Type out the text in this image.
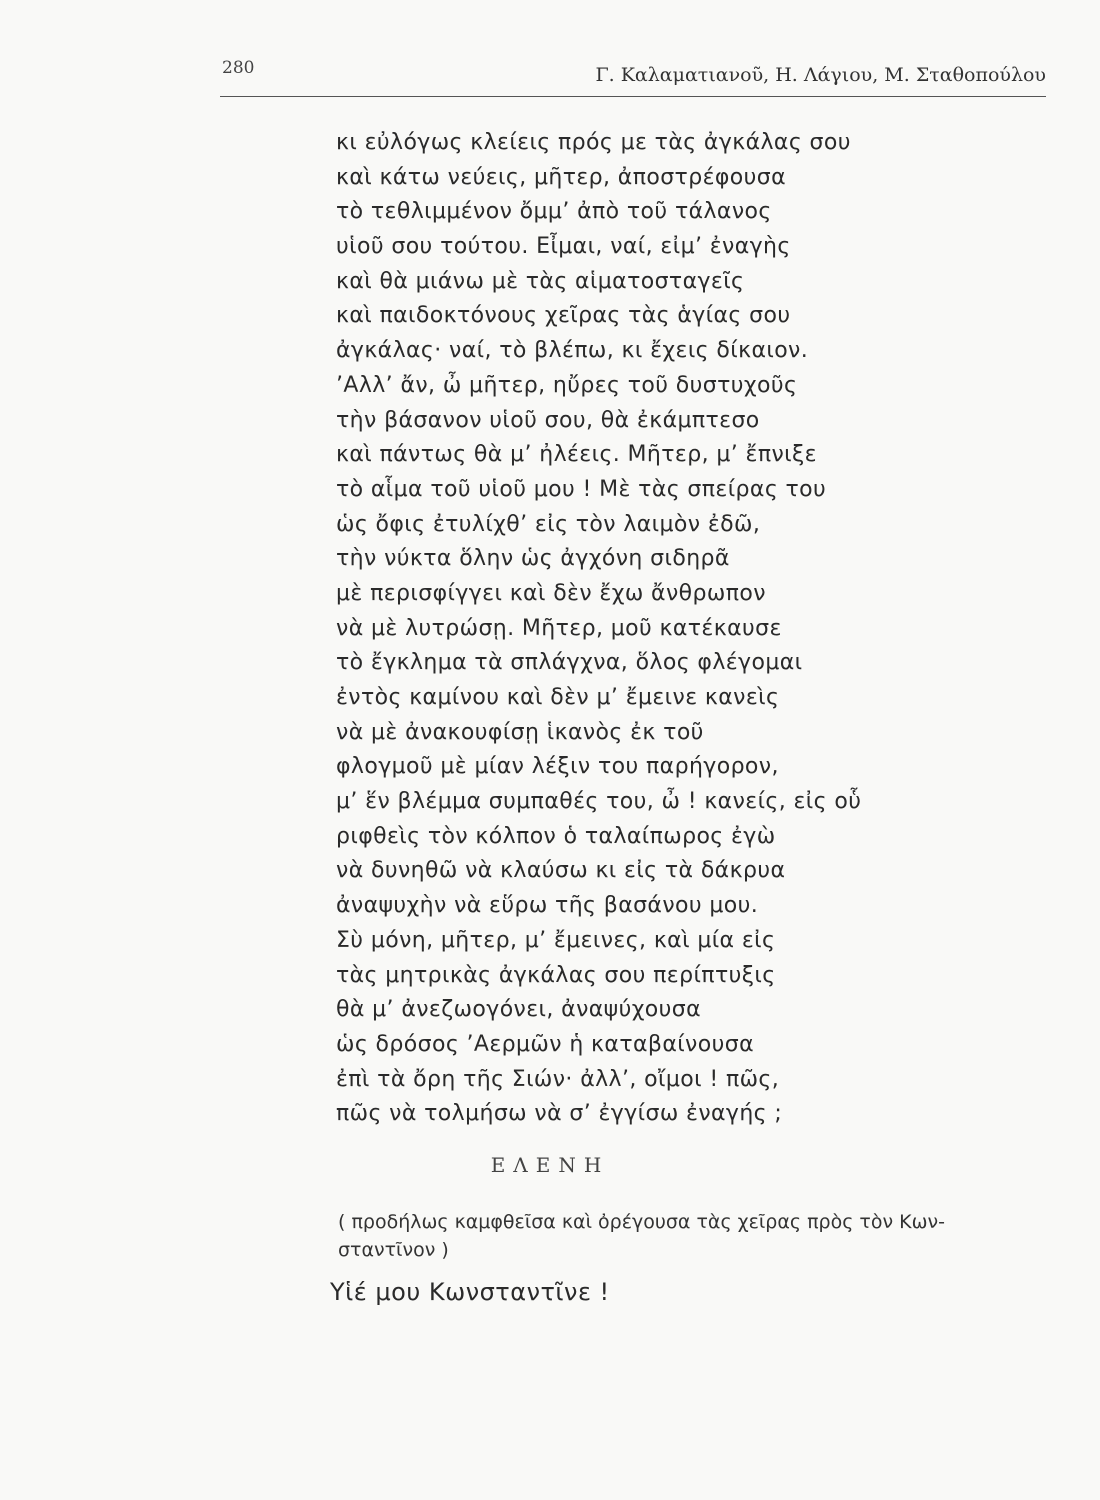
280	Γ. Καλαματιανοῦ, Η. Λάγιου, Μ. Σταθοπούλου
κι εὐλόγως κλείεις πρός με τὰς ἀγκάλας σου
καὶ κάτω νεύεις, μῆτερ, ἀποστρέφουσα
τὸ τεθλιμμένον ὄμμ’ ἀπὸ τοῦ τάλανος
υἱοῦ σου τούτου. Εἶμαι, ναί, εἰμ’ ἐναγὴς
καὶ θὰ μιάνω μὲ τὰς αἱματοσταγεῖς
καὶ παιδοκτόνους χεῖρας τὰς ἁγίας σου
ἀγκάλας· ναί, τὸ βλέπω, κι ἔχεις δίκαιον.
’Αλλ’ ἄν, ὦ μῆτερ, ηὔρες τοῦ δυστυχοῦς
τὴν βάσανον υἱοῦ σου, θὰ ἐκάμπτεσο
καὶ πάντως θὰ μ’ ἠλέεις. Μῆτερ, μ’ ἔπνιξε
τὸ αἷμα τοῦ υἱοῦ μου ! Μὲ τὰς σπείρας του
ὡς ὄφις ἐτυλίχθ’ εἰς τὸν λαιμὸν ἐδῶ,
τὴν νύκτα ὅλην ὡς ἀγχόνη σιδηρᾶ
μὲ περισφίγγει καὶ δὲν ἔχω ἄνθρωπον
νὰ μὲ λυτρώσῃ. Μῆτερ, μοῦ κατέκαυσε
τὸ ἔγκλημα τὰ σπλάγχνα, ὅλος φλέγομαι
ἐντὸς καμίνου καὶ δὲν μ’ ἔμεινε κανεὶς
νὰ μὲ ἀνακουφίσῃ ἱκανὸς ἐκ τοῦ
φλογμοῦ μὲ μίαν λέξιν του παρήγορον,
μ’ ἕν βλέμμα συμπαθές του, ὦ ! κανείς, εἰς οὗ
ριφθεὶς τὸν κόλπον ὁ ταλαίπωρος ἐγὼ
νὰ δυνηθῶ νὰ κλαύσω κι εἰς τὰ δάκρυα
ἀναψυχὴν νὰ εὕρω τῆς βασάνου μου.
Σὺ μόνη, μῆτερ, μ’ ἔμεινες, καὶ μία εἰς
τὰς μητρικὰς ἀγκάλας σου περίπτυξις
θὰ μ’ ἀνεζωογόνει, ἀναψύχουσα
ὡς δρόσος ’Αερμῶν ἡ καταβαίνουσα
ἐπὶ τὰ ὄρη τῆς Σιών· ἀλλ’, οἴμοι ! πῶς,
πῶς νὰ τολμήσω νὰ σ’ ἐγγίσω ἐναγής ;
ΕΛΕΝΗ
( προδήλως καμφθεῖσα καὶ ὀρέγουσα τὰς χεῖρας πρὸς τὸν Κων-
σταντῖνον )
Υἱέ μου Κωνσταντῖνε !
